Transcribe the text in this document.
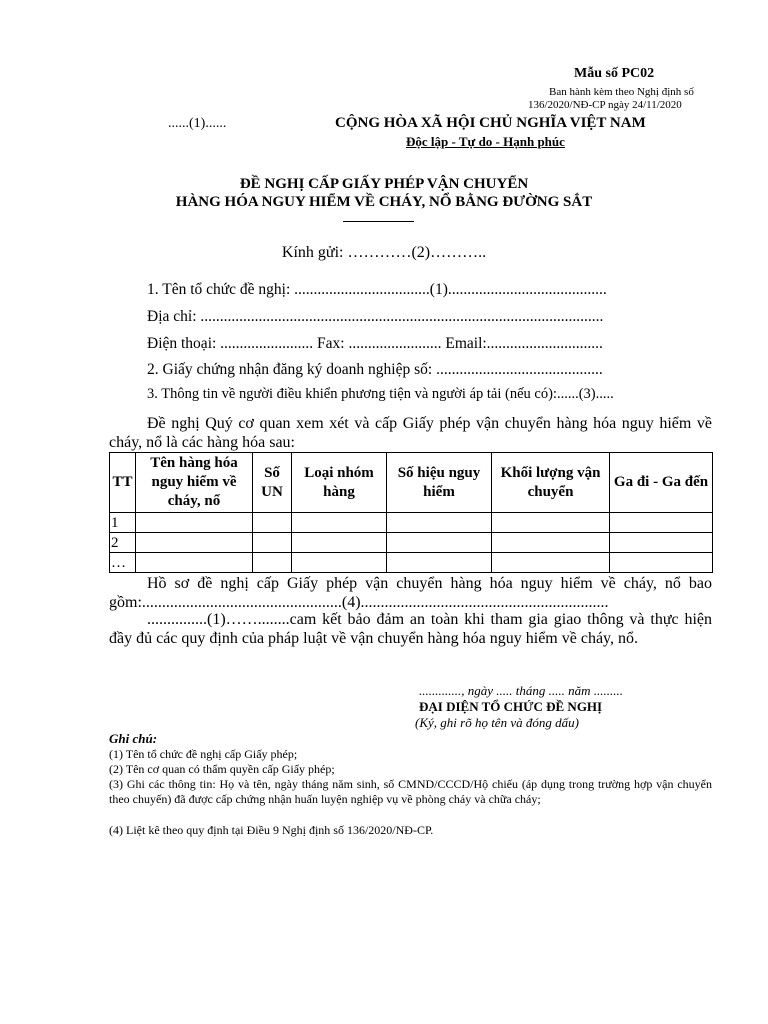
Mẫu số PC02
Ban hành kèm theo Nghị định số
136/2020/NĐ-CP ngày 24/11/2020
......(1)......	CỘNG HÒA XÃ HỘI CHỦ NGHĨA VIỆT NAM
Độc lập - Tự do - Hạnh phúc
ĐỀ NGHỊ CẤP GIẤY PHÉP VẬN CHUYỂN
HÀNG HÓA NGUY HIỂM VỀ CHÁY, NỔ BẰNG ĐƯỜNG SẮT
Kính gửi: …………(2)………..
1. Tên tổ chức đề nghị: ...................................(1).........................................
Địa chỉ: ........................................................................................................
Điện thoại: ........................ Fax: ........................ Email:..............................
2. Giấy chứng nhận đăng ký doanh nghiệp số: ...........................................
3. Thông tin về người điều khiển phương tiện và người áp tải (nếu có):......(3).....
Đề nghị Quý cơ quan xem xét và cấp Giấy phép vận chuyển hàng hóa nguy hiểm về cháy, nổ là các hàng hóa sau:
TT	Tên hàng hóa nguy hiểm về cháy, nổ	Số UN	Loại nhóm hàng	Số hiệu nguy hiểm	Khối lượng vận chuyển	Ga đi - Ga đến
1						
2						
…						
Hồ sơ đề nghị cấp Giấy phép vận chuyển hàng hóa nguy hiểm về cháy, nổ bao gồm:..................................................(4)..............................................................
...............(1)……........cam kết bảo đảm an toàn khi tham gia giao thông và thực hiện đầy đủ các quy định của pháp luật về vận chuyển hàng hóa nguy hiểm về cháy, nổ.
............., ngày ..... tháng ..... năm .........
ĐẠI DIỆN TỔ CHỨC ĐỀ NGHỊ
(Ký, ghi rõ họ tên và đóng dấu)
Ghi chú:
(1) Tên tổ chức đề nghị cấp Giấy phép;
(2) Tên cơ quan có thẩm quyền cấp Giấy phép;
(3) Ghi các thông tin: Họ và tên, ngày tháng năm sinh, số CMND/CCCD/Hộ chiếu (áp dụng trong trường hợp vận chuyển theo chuyến) đã được cấp chứng nhận huấn luyện nghiệp vụ về phòng cháy và chữa cháy;
(4) Liệt kê theo quy định tại Điều 9 Nghị định số 136/2020/NĐ-CP.
